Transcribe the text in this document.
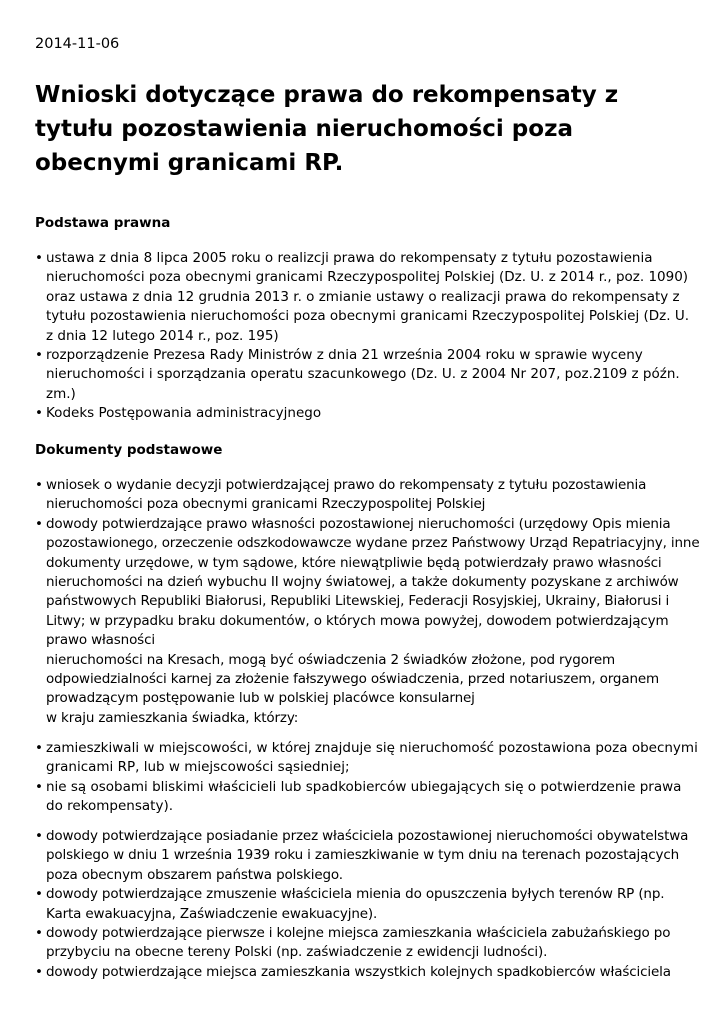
2014-11-06
Wnioski dotyczące prawa do rekompensaty z tytułu pozostawienia nieruchomości poza obecnymi granicami RP.
Podstawa prawna
• ustawa z dnia 8 lipca 2005 roku o realizcji prawa do rekompensaty z tytułu pozostawienia nieruchomości poza obecnymi granicami Rzeczypospolitej Polskiej (Dz. U. z 2014 r., poz. 1090) oraz ustawa z dnia 12 grudnia 2013 r. o zmianie ustawy o realizacji prawa do rekompensaty z tytułu pozostawienia nieruchomości poza obecnymi granicami Rzeczypospolitej Polskiej (Dz. U. z dnia 12 lutego 2014 r., poz. 195)
• rozporządzenie Prezesa Rady Ministrów z dnia 21 września 2004 roku w sprawie wyceny nieruchomości i sporządzania operatu szacunkowego (Dz. U. z 2004 Nr 207, poz.2109 z późn. zm.)
• Kodeks Postępowania administracyjnego
Dokumenty podstawowe
• wniosek o wydanie decyzji potwierdzającej prawo do rekompensaty z tytułu pozostawienia nieruchomości poza obecnymi granicami Rzeczypospolitej Polskiej
• dowody potwierdzające prawo własności pozostawionej nieruchomości (urzędowy Opis mienia pozostawionego, orzeczenie odszkodowawcze wydane przez Państwowy Urząd Repatriacyjny, inne dokumenty urzędowe, w tym sądowe, które niewątpliwie będą potwierdzały prawo własności nieruchomości na dzień wybuchu II wojny światowej, a także dokumenty pozyskane z archiwów państwowych Republiki Białorusi, Republiki Litewskiej, Federacji Rosyjskiej, Ukrainy, Białorusi i Litwy; w przypadku braku dokumentów, o których mowa powyżej, dowodem potwierdzającym prawo własności
nieruchomości na Kresach, mogą być oświadczenia 2 świadków złożone, pod rygorem odpowiedzialności karnej za złożenie fałszywego oświadczenia, przed notariuszem, organem prowadzącym postępowanie lub w polskiej placówce konsularnej
w kraju zamieszkania świadka, którzy:
• zamieszkiwali w miejscowości, w której znajduje się nieruchomość pozostawiona poza obecnymi granicami RP, lub w miejscowości sąsiedniej;
• nie są osobami bliskimi właścicieli lub spadkobierców ubiegających się o potwierdzenie prawa do rekompensaty).
• dowody potwierdzające posiadanie przez właściciela pozostawionej nieruchomości obywatelstwa polskiego w dniu 1 września 1939 roku i zamieszkiwanie w tym dniu na terenach pozostających poza obecnym obszarem państwa polskiego.
• dowody potwierdzające zmuszenie właściciela mienia do opuszczenia byłych terenów RP (np. Karta ewakuacyjna, Zaświadczenie ewakuacyjne).
• dowody potwierdzające pierwsze i kolejne miejsca zamieszkania właściciela zabużańskiego po przybyciu na obecne tereny Polski (np. zaświadczenie z ewidencji ludności).
• dowody potwierdzające miejsca zamieszkania wszystkich kolejnych spadkobierców właściciela
